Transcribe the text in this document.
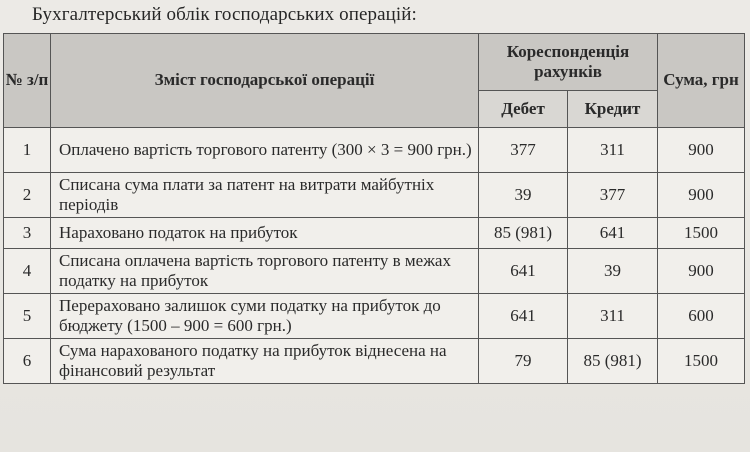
Бухгалтерський облік господарських операцій:
№ з/п	Зміст господарської операції	Кореспонденція рахунків		Сума, грн
		Дебет	Кредит	
1	Оплачено вартість торгового патенту (300 × 3 = 900 грн.)	377	311	900
2	Списана сума плати за патент на витрати майбутніх періодів	39	377	900
3	Нараховано податок на прибуток	85 (981)	641	1500
4	Списана оплачена вартість торгового патенту в межах податку на прибуток	641	39	900
5	Перераховано залишок суми податку на прибуток до бюджету (1500 – 900 = 600 грн.)	641	311	600
6	Сума нарахованого податку на прибуток віднесена на фінансовий результат	79	85 (981)	1500
